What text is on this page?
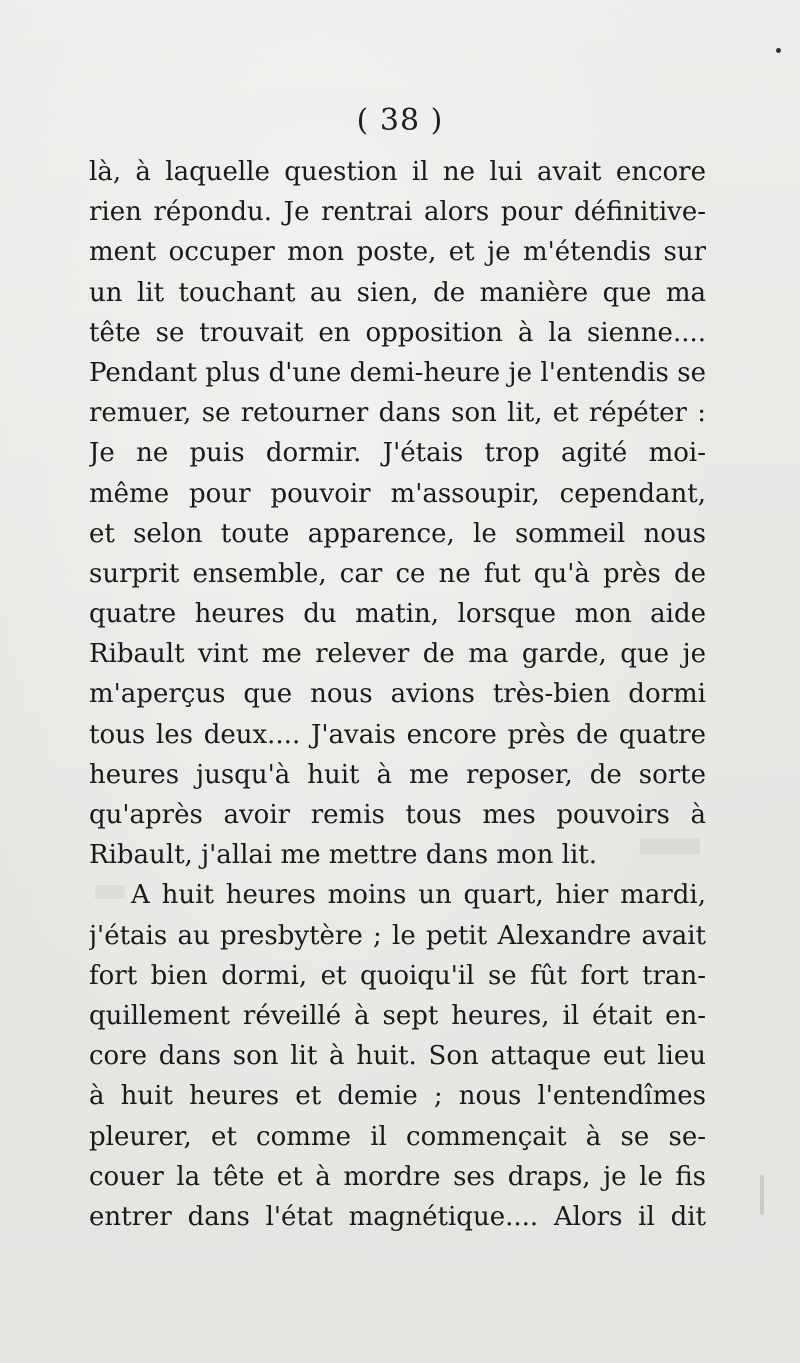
( 38 )
là, à laquelle question il ne lui avait encore
rien répondu. Je rentrai alors pour définitive-
ment occuper mon poste, et je m'étendis sur
un lit touchant au sien, de manière que ma
tête se trouvait en opposition à la sienne....
Pendant plus d'une demi-heure je l'entendis se
remuer, se retourner dans son lit, et répéter :
Je ne puis dormir. J'étais trop agité moi-
même pour pouvoir m'assoupir, cependant,
et selon toute apparence, le sommeil nous
surprit ensemble, car ce ne fut qu'à près de
quatre heures du matin, lorsque mon aide
Ribault vint me relever de ma garde, que je
m'aperçus que nous avions très-bien dormi
tous les deux.... J'avais encore près de quatre
heures jusqu'à huit à me reposer, de sorte
qu'après avoir remis tous mes pouvoirs à
Ribault, j'allai me mettre dans mon lit.
A huit heures moins un quart, hier mardi,
j'étais au presbytère ; le petit Alexandre avait
fort bien dormi, et quoiqu'il se fût fort tran-
quillement réveillé à sept heures, il était en-
core dans son lit à huit. Son attaque eut lieu
à huit heures et demie ; nous l'entendîmes
pleurer, et comme il commençait à se se-
couer la tête et à mordre ses draps, je le fis
entrer dans l'état magnétique.... Alors il dit
